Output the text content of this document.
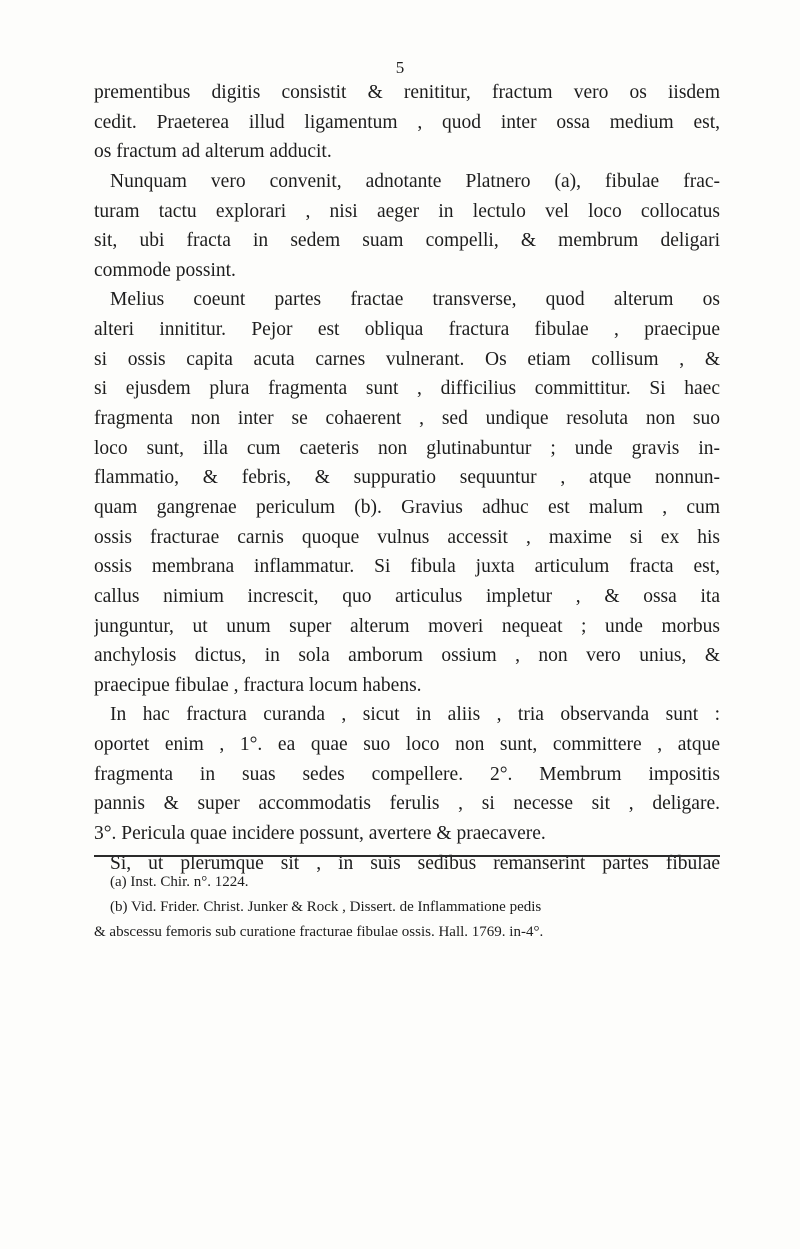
5
prementibus digitis consistit & renititur, fractum vero os iisdem
cedit. Praeterea illud ligamentum , quod inter ossa medium est,
os fractum ad alterum adducit.
Nunquam vero convenit, adnotante Platnero (a), fibulae frac-
turam tactu explorari , nisi aeger in lectulo vel loco collocatus
sit, ubi fracta in sedem suam compelli, & membrum deligari
commode possint.
Melius coeunt partes fractae transverse, quod alterum os
alteri innititur. Pejor est obliqua fractura fibulae , praecipue
si ossis capita acuta carnes vulnerant. Os etiam collisum , &
si ejusdem plura fragmenta sunt , difficilius committitur. Si haec
fragmenta non inter se cohaerent , sed undique resoluta non suo
loco sunt, illa cum caeteris non glutinabuntur ; unde gravis in-
flammatio, & febris, & suppuratio sequuntur , atque nonnun-
quam gangrenae periculum (b). Gravius adhuc est malum , cum
ossis fracturae carnis quoque vulnus accessit , maxime si ex his
ossis membrana inflammatur. Si fibula juxta articulum fracta est,
callus nimium increscit, quo articulus impletur , & ossa ita
junguntur, ut unum super alterum moveri nequeat ; unde morbus
anchylosis dictus, in sola amborum ossium , non vero unius, &
praecipue fibulae , fractura locum habens.
In hac fractura curanda , sicut in aliis , tria observanda sunt :
oportet enim , 1°. ea quae suo loco non sunt, committere , atque
fragmenta in suas sedes compellere. 2°. Membrum impositis
pannis & super accommodatis ferulis , si necesse sit , deligare.
3°. Pericula quae incidere possunt, avertere & praecavere.
Si, ut plerumque sit , in suis sedibus remanserint partes fibulae
(a) Inst. Chir. n°. 1224.
(b) Vid. Frider. Christ. Junker & Rock , Dissert. de Inflammatione pedis
& abscessu femoris sub curatione fracturae fibulae ossis. Hall. 1769. in-4°.
